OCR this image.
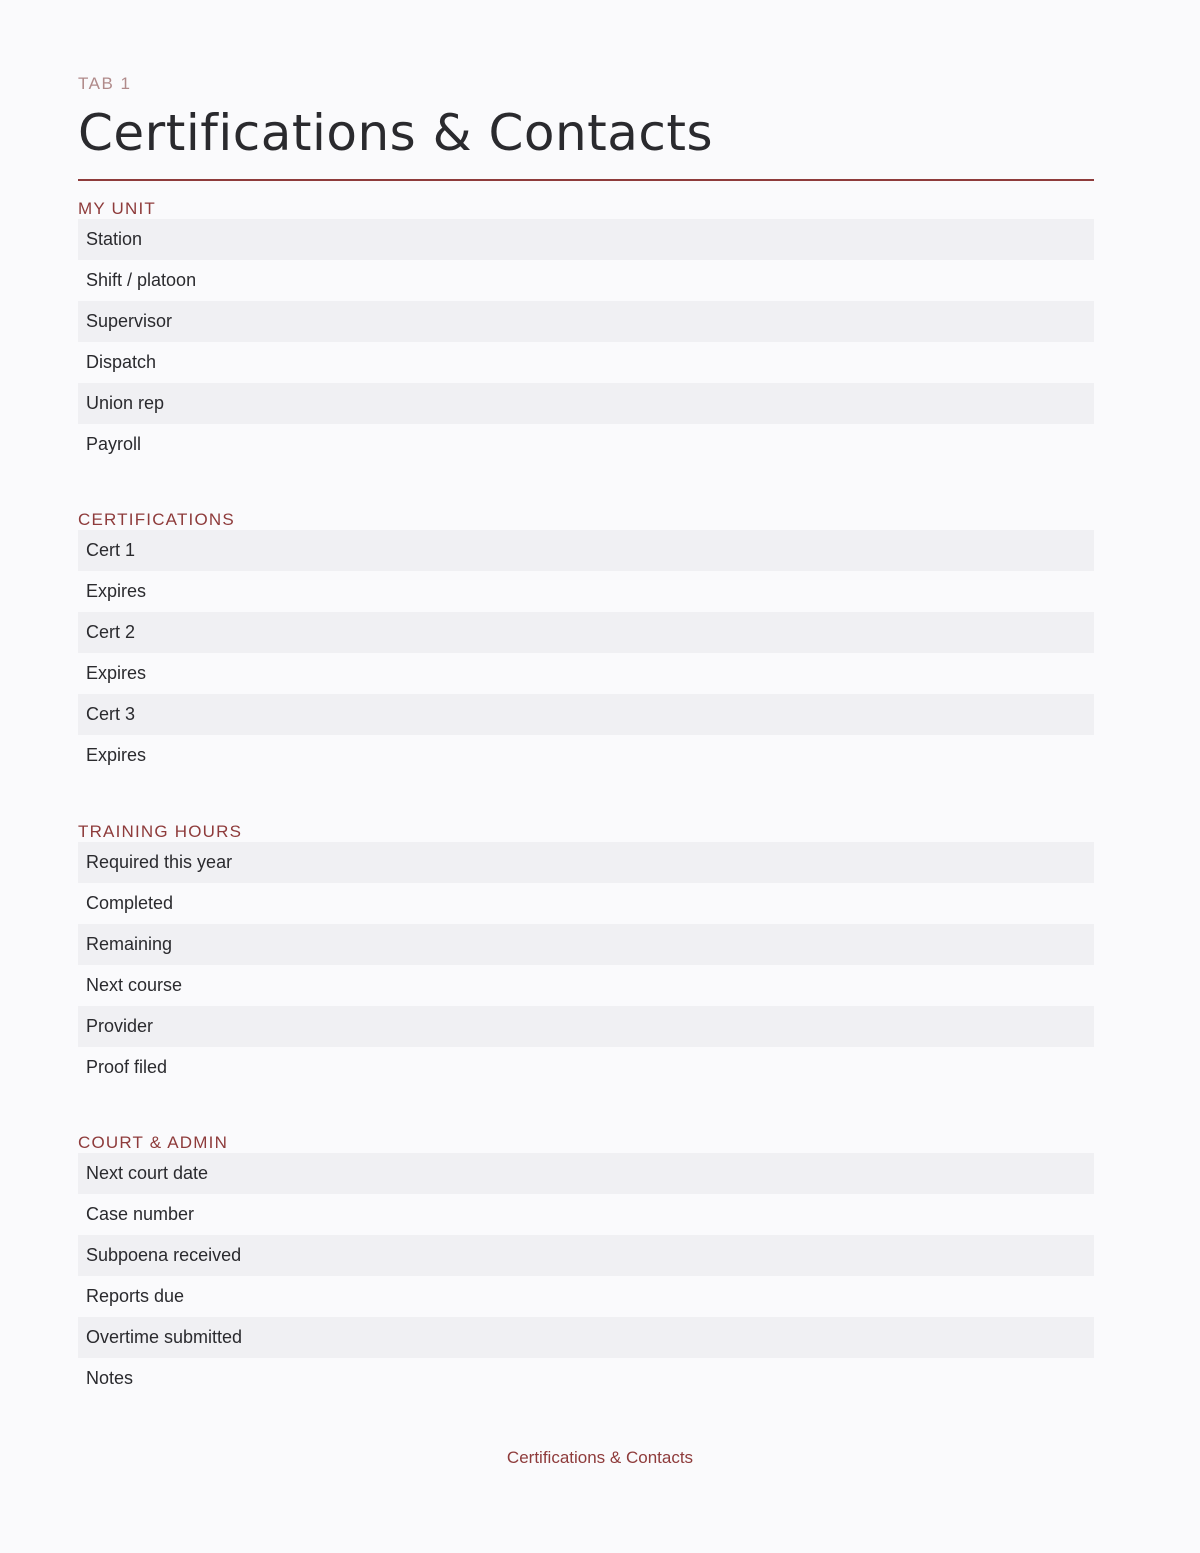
TAB 1
Certifications & Contacts
MY UNIT
Station
Shift / platoon
Supervisor
Dispatch
Union rep
Payroll
CERTIFICATIONS
Cert 1
Expires
Cert 2
Expires
Cert 3
Expires
TRAINING HOURS
Required this year
Completed
Remaining
Next course
Provider
Proof filed
COURT & ADMIN
Next court date
Case number
Subpoena received
Reports due
Overtime submitted
Notes
Certifications & Contacts
